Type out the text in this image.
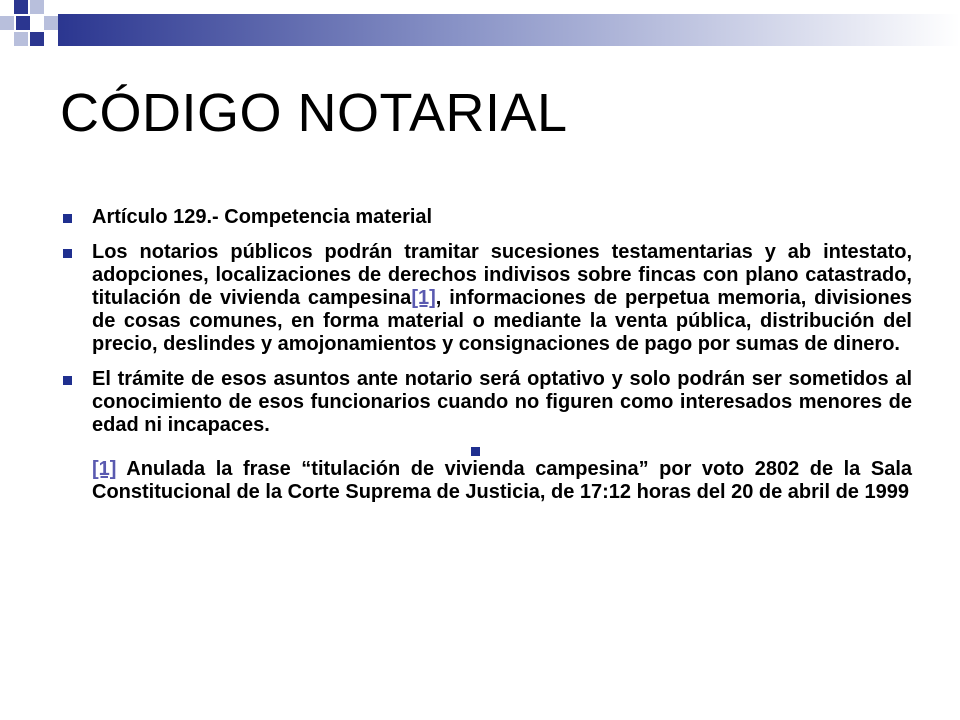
CÓDIGO NOTARIAL
Artículo 129.- Competencia material
Los notarios públicos podrán tramitar sucesiones testamentarias y ab intestato, adopciones, localizaciones de derechos indivisos sobre fincas con plano catastrado, titulación de vivienda campesina[1], informaciones de perpetua memoria, divisiones de cosas comunes, en forma material o mediante la venta pública, distribución del precio, deslindes y amojonamientos y consignaciones de pago por sumas de dinero.
El trámite de esos asuntos ante notario será optativo y solo podrán ser sometidos al conocimiento de esos funcionarios cuando no figuren como interesados menores de edad ni incapaces.
[1] Anulada la frase “titulación de vivienda campesina” por voto 2802 de la Sala Constitucional de la Corte Suprema de Justicia, de 17:12 horas del 20 de abril de 1999
